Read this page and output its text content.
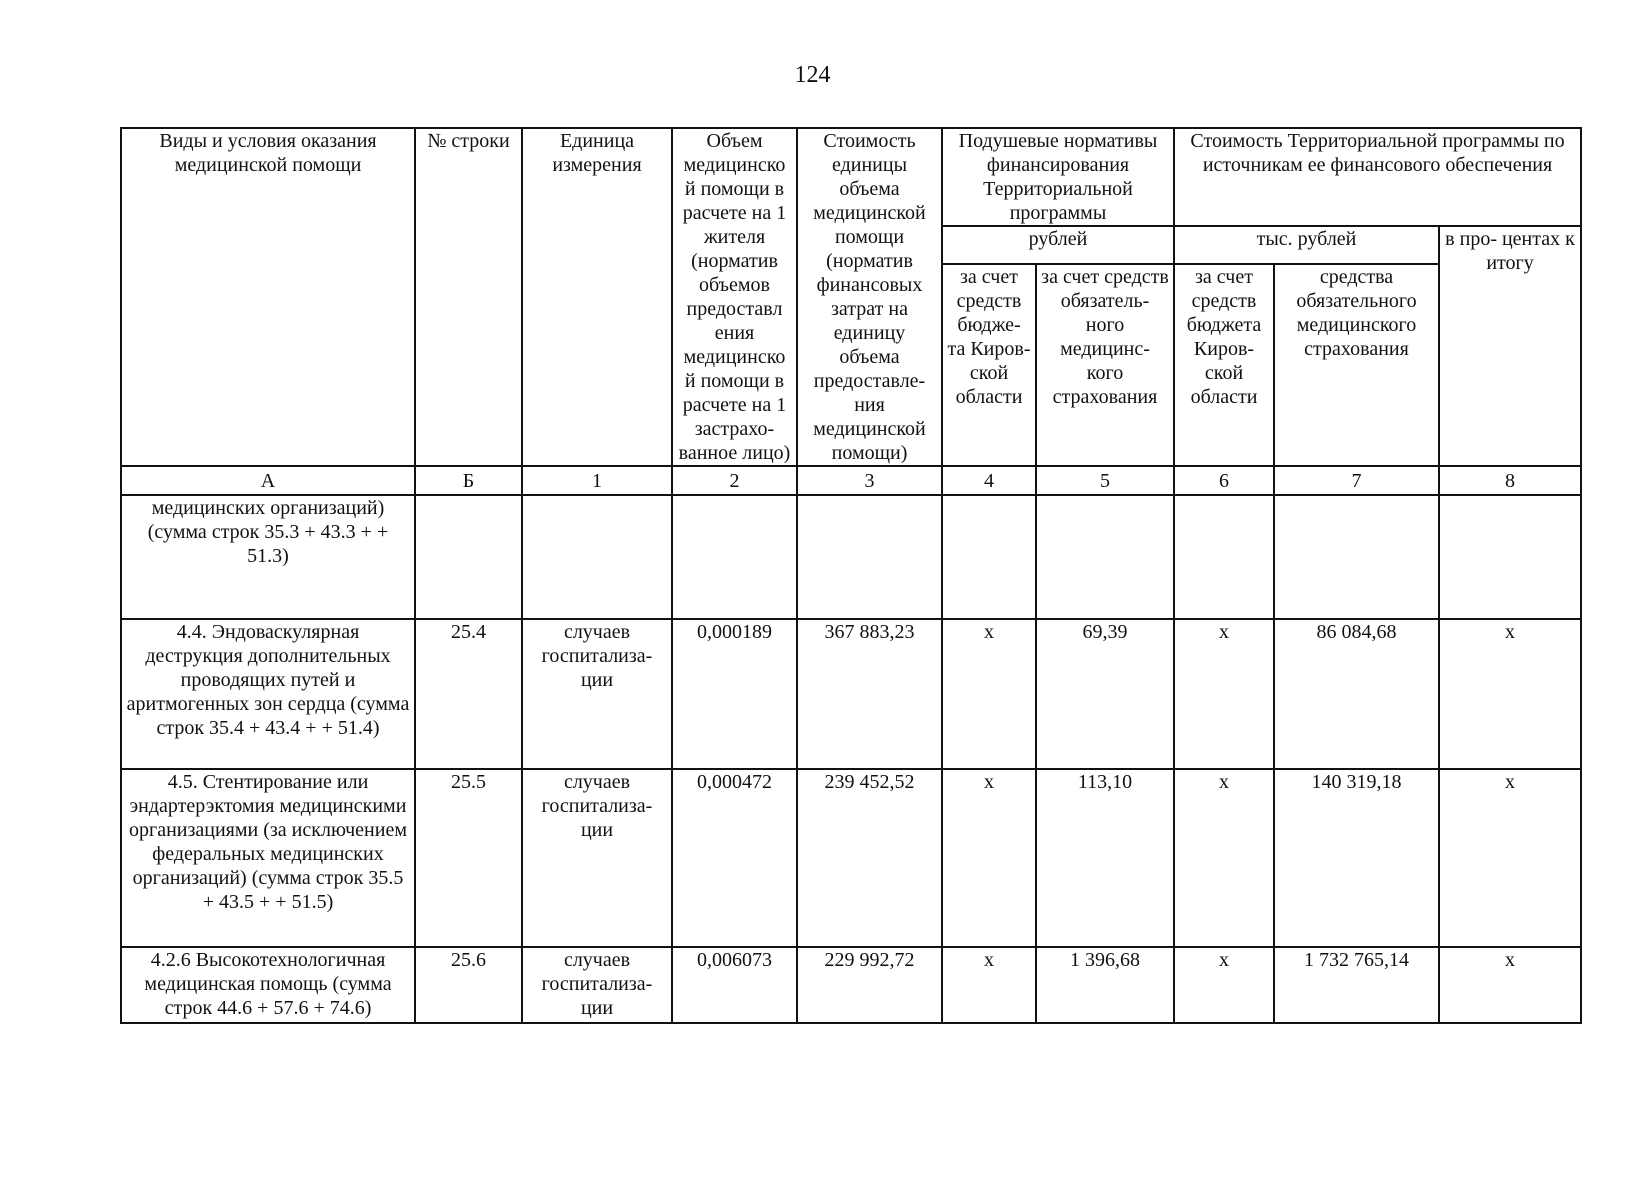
124
Виды и условия оказания медицинской помощи	№ строки	Единица измерения	Объем медицинско й помощи в расчете на 1 жителя (норматив объемов предоставл ения медицинско й помощи в расчете на 1 застрахо- ванное лицо)	Стоимость единицы объема медицинской помощи (норматив финансовых затрат на единицу объема предоставле- ния медицинской помощи)	Подушевые нормативы финансирования Территориальной программы		Стоимость Территориальной программы по источникам ее финансового обеспечения		
					рублей		тыс. рублей		в про- центах к итогу
					за счет средств бюдже- та Киров- ской области	за счет средств обязатель- ного медицинс- кого страхования	за счет средств бюджета Киров- ской области	средства обязательного медицинского страхования	
А	Б	1	2	3	4	5	6	7	8
медицинских организаций) (сумма строк 35.3 + 43.3 + + 51.3)									
4.4. Эндоваскулярная деструкция дополнительных проводящих путей и аритмогенных зон сердца (сумма строк 35.4 + 43.4 + + 51.4)	25.4	случаев госпитализа- ции	0,000189	367 883,23	х	69,39	х	86 084,68	х
4.5. Стентирование или эндартерэктомия медицинскими организациями (за исключением федеральных медицинских организаций) (сумма строк 35.5 + 43.5 + + 51.5)	25.5	случаев госпитализа- ции	0,000472	239 452,52	х	113,10	х	140 319,18	х
4.2.6 Высокотехнологичная медицинская помощь (сумма строк 44.6 + 57.6 + 74.6)	25.6	случаев госпитализа- ции	0,006073	229 992,72	х	1 396,68	х	1 732 765,14	х
